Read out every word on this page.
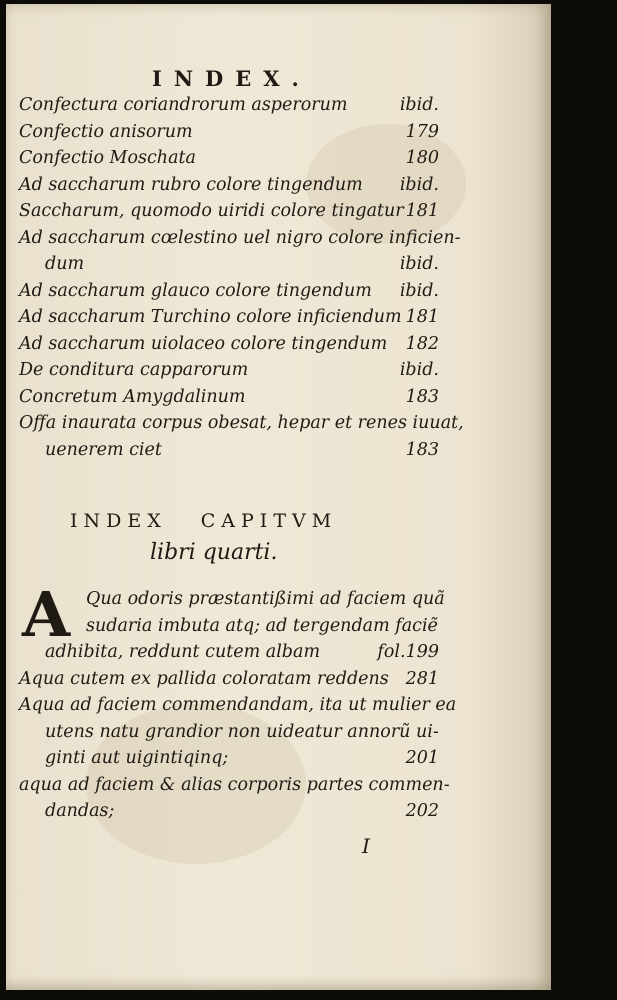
INDEX.
Confectura coriandrorum asperorum	ibid.
Confectio anisorum	179
Confectio Moschata	180
Ad saccharum rubro colore tingendum	ibid.
Saccharum, quomodo uiridi colore tingatur 181
Ad saccharum cœlestino uel nigro colore inficien-
dum	ibid.
Ad saccharum glauco colore tingendum	ibid.
Ad saccharum Turchino colore inficiendum 181
Ad saccharum uiolaceo colore tingendum	182
De conditura capparorum	ibid.
Concretum Amygdalinum	183
Offa inaurata corpus obesat, hepar et renes iuuat,
uenerem ciet	183
INDEX CAPITVM
libri quarti.
A Qua odoris præstantißimi ad faciem quã
sudaria imbuta atq; ad tergendam faciẽ
adhibita, reddunt cutem albam	fol.199
Aqua cutem ex pallida coloratam reddens 281
Aqua ad faciem commendandam, ita ut mulier ea
utens natu grandior non uideatur annorũ ui-
ginti aut uigintiqinq;	201
aqua ad faciem & alias corporis partes commen-
dandas;	202
I
